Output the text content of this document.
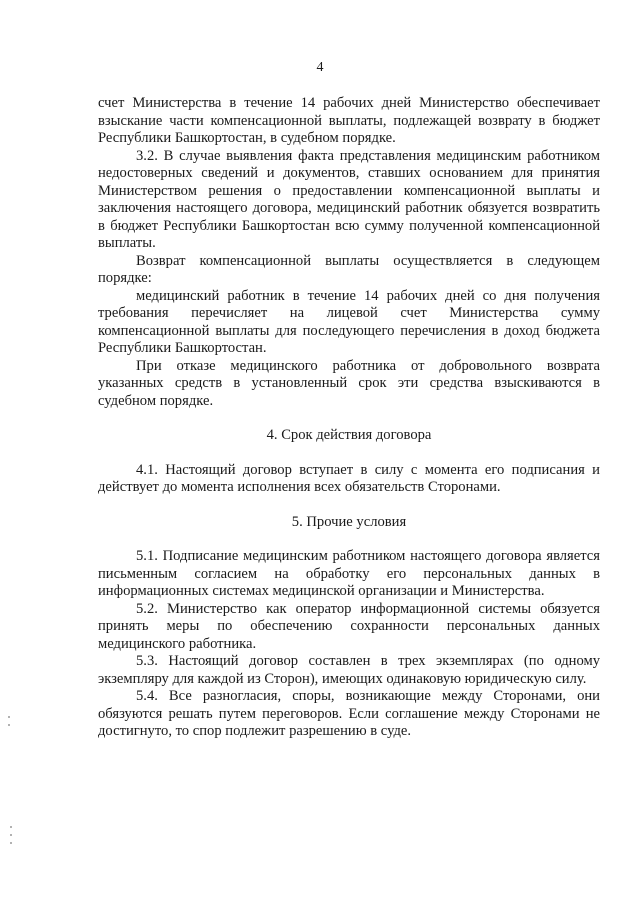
4

счет Министерства в течение 14 рабочих дней Министерство обеспечивает взыскание части компенсационной выплаты, подлежащей возврату в бюджет Республики Башкортостан, в судебном порядке.

3.2. В случае выявления факта представления медицинским работником недостоверных сведений и документов, ставших основанием для принятия Министерством решения о предоставлении компенсационной выплаты и заключения настоящего договора, медицинский работник обязуется возвратить в бюджет Республики Башкортостан всю сумму полученной компенсационной выплаты.

Возврат компенсационной выплаты осуществляется в следующем порядке:

медицинский работник в течение 14 рабочих дней со дня получения требования перечисляет на лицевой счет Министерства сумму компенсационной выплаты для последующего перечисления в доход бюджета Республики Башкортостан.

При отказе медицинского работника от добровольного возврата указанных средств в установленный срок эти средства взыскиваются в судебном порядке.

4. Срок действия договора

4.1. Настоящий договор вступает в силу с момента его подписания и действует до момента исполнения всех обязательств Сторонами.

5. Прочие условия

5.1. Подписание медицинским работником настоящего договора является письменным согласием на обработку его персональных данных в информационных системах медицинской организации и Министерства.

5.2. Министерство как оператор информационной системы обязуется принять меры по обеспечению сохранности персональных данных медицинского работника.

5.3. Настоящий договор составлен в трех экземплярах (по одному экземпляру для каждой из Сторон), имеющих одинаковую юридическую силу.

5.4. Все разногласия, споры, возникающие между Сторонами, они обязуются решать путем переговоров. Если соглашение между Сторонами не достигнуто, то спор подлежит разрешению в суде.
